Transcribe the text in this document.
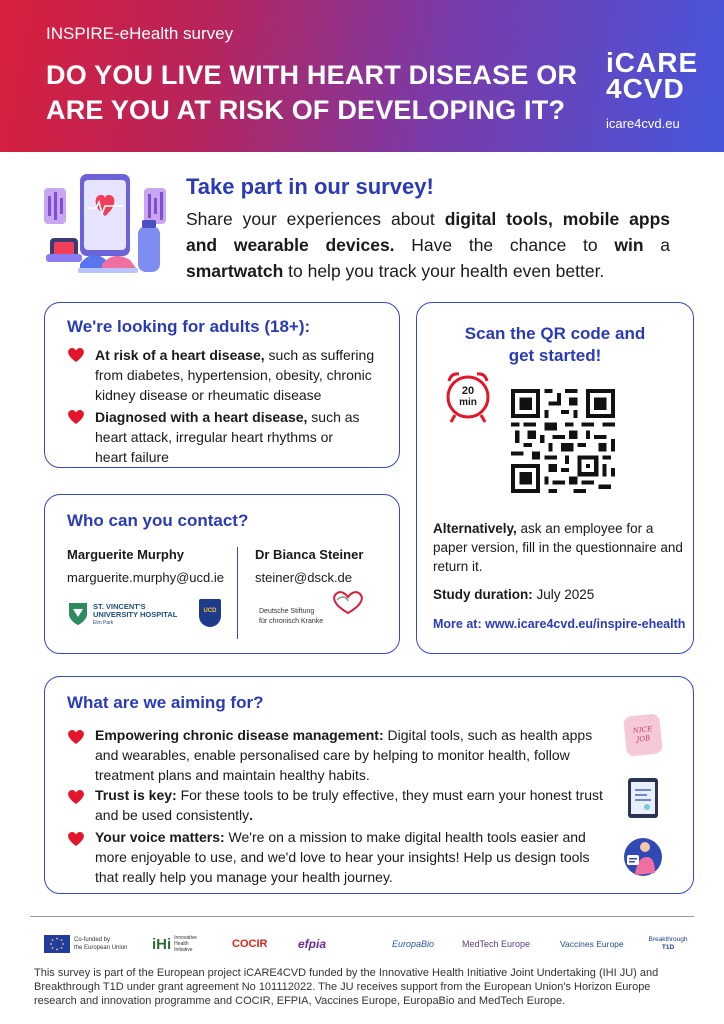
INSPIRE-eHealth survey
DO YOU LIVE WITH HEART DISEASE OR
ARE YOU AT RISK OF DEVELOPING IT?
iCARE
4CVD
icare4cvd.eu
Take part in our survey!
Share your experiences about digital tools, mobile apps and wearable devices. Have the chance to win a smartwatch to help you track your health even better.
We're looking for adults (18+):
At risk of a heart disease, such as suffering from diabetes, hypertension, obesity, chronic kidney disease or rheumatic disease
Diagnosed with a heart disease, such as heart attack, irregular heart rhythms or heart failure
Who can you contact?
Marguerite Murphy
marguerite.murphy@ucd.ie
Dr Bianca Steiner
steiner@dsck.de
ST. VINCENT'S
UNIVERSITY HOSPITAL
Elm Park
UCD	Deutsche Stiftung
für chronisch Kranke
Scan the QR code and
get started!
20
min
Alternatively, ask an employee for a paper version, fill in the questionnaire and return it.
Study duration: July 2025
More at: www.icare4cvd.eu/inspire-ehealth
What are we aiming for?
Empowering chronic disease management: Digital tools, such as health apps and wearables, enable personalised care by helping to monitor health, follow treatment plans and maintain healthy habits.
Trust is key: For these tools to be truly effective, they must earn your honest trust and be used consistently.
Your voice matters: We're on a mission to make digital health tools easier and more enjoyable to use, and we'd love to hear your insights! Help us design tools that really help you manage your health journey.
NICE JOB
Co-funded by
the European Union iHi Innovative
Health
Initiative	COCIR	efpia	EuropaBio	MedTech Europe	Vaccines Europe	Breakthrough
T1D
This survey is part of the European project iCARE4CVD funded by the Innovative Health Initiative Joint Undertaking (IHI JU) and Breakthrough T1D under grant agreement No 101112022. The JU receives support from the European Union's Horizon Europe research and innovation programme and COCIR, EFPIA, Vaccines Europe, EuropaBio and MedTech Europe.
